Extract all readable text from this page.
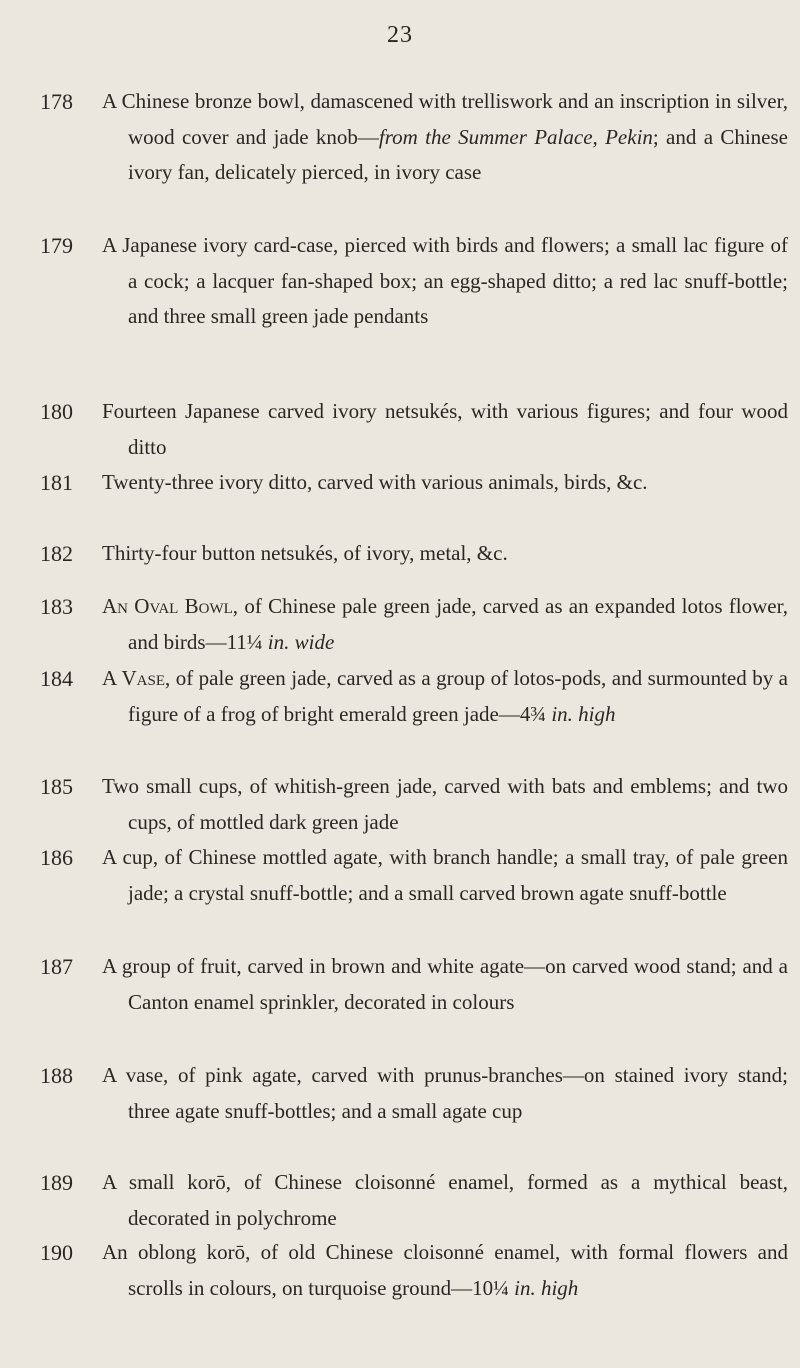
23
178 A Chinese bronze bowl, damascened with trelliswork and an inscription in silver, wood cover and jade knob—from the Summer Palace, Pekin; and a Chinese ivory fan, delicately pierced, in ivory case
179 A Japanese ivory card-case, pierced with birds and flowers; a small lac figure of a cock; a lacquer fan-shaped box; an egg-shaped ditto; a red lac snuff-bottle; and three small green jade pendants
180 Fourteen Japanese carved ivory netsukés, with various figures; and four wood ditto
181 Twenty-three ivory ditto, carved with various animals, birds, &c.
182 Thirty-four button netsukés, of ivory, metal, &c.
183 An Oval Bowl, of Chinese pale green jade, carved as an expanded lotos flower, and birds—11¼ in. wide
184 A Vase, of pale green jade, carved as a group of lotos-pods, and surmounted by a figure of a frog of bright emerald green jade—4¾ in. high
185 Two small cups, of whitish-green jade, carved with bats and emblems; and two cups, of mottled dark green jade
186 A cup, of Chinese mottled agate, with branch handle; a small tray, of pale green jade; a crystal snuff-bottle; and a small carved brown agate snuff-bottle
187 A group of fruit, carved in brown and white agate—on carved wood stand; and a Canton enamel sprinkler, decorated in colours
188 A vase, of pink agate, carved with prunus-branches—on stained ivory stand; three agate snuff-bottles; and a small agate cup
189 A small korō, of Chinese cloisonné enamel, formed as a mythical beast, decorated in polychrome
190 An oblong korō, of old Chinese cloisonné enamel, with formal flowers and scrolls in colours, on turquoise ground—10¼ in. high
